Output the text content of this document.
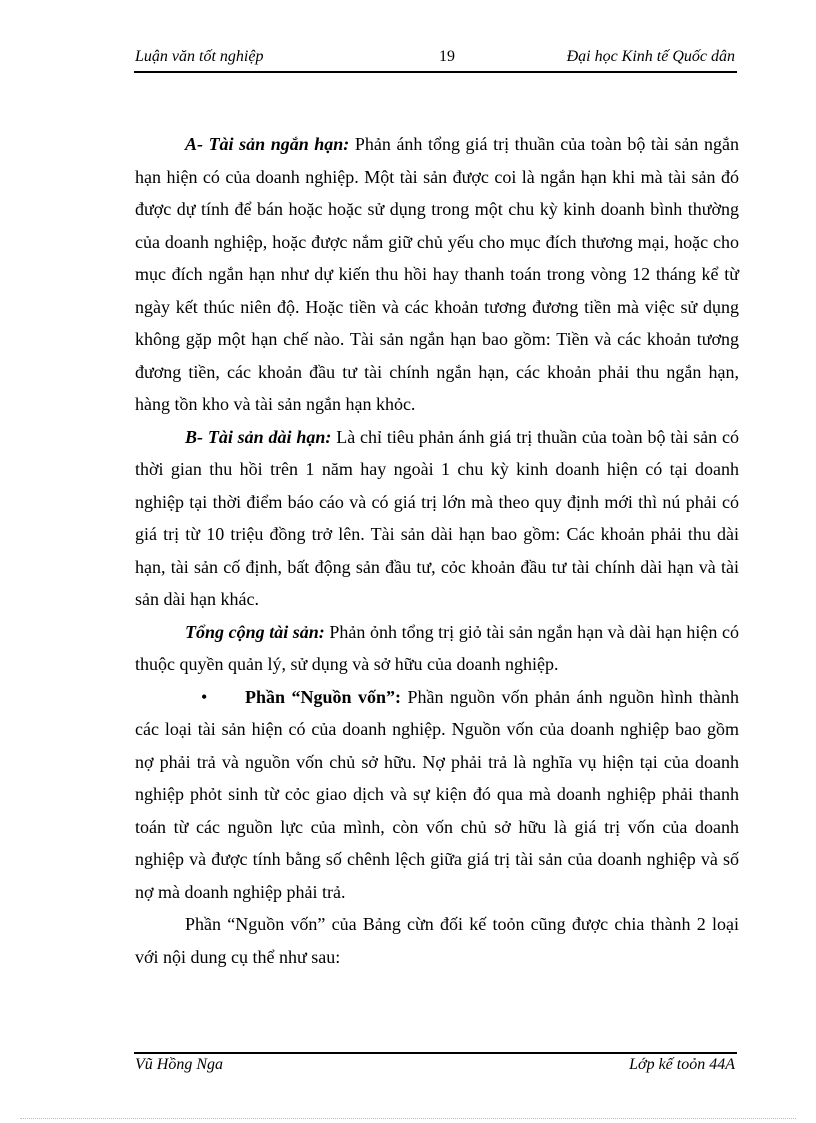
Luận văn tốt nghiệp	19	Đại học Kinh tế Quốc dân

A- Tài sản ngắn hạn: Phản ánh tổng giá trị thuần của toàn bộ tài sản ngắn hạn hiện có của doanh nghiệp. Một tài sản được coi là ngắn hạn khi mà tài sản đó được dự tính để bán hoặc hoặc sử dụng trong một chu kỳ kinh doanh bình thường của doanh nghiệp, hoặc được nắm giữ chủ yếu cho mục đích thương mại, hoặc cho mục đích ngắn hạn như dự kiến thu hồi hay thanh toán trong vòng 12 tháng kể từ ngày kết thúc niên độ. Hoặc tiền và các khoản tương đương tiền mà việc sử dụng không gặp một hạn chế nào. Tài sản ngắn hạn bao gồm: Tiền và các khoản tương đương tiền, các khoản đầu tư tài chính ngắn hạn, các khoản phải thu ngắn hạn, hàng tồn kho và tài sản ngắn hạn khỏc.

B- Tài sản dài hạn: Là chỉ tiêu phản ánh giá trị thuần của toàn bộ tài sản có thời gian thu hồi trên 1 năm hay ngoài 1 chu kỳ kinh doanh hiện có tại doanh nghiệp tại thời điểm báo cáo và có giá trị lớn mà theo quy định mới thì nú phải có giá trị từ 10 triệu đồng trở lên. Tài sản dài hạn bao gồm: Các khoản phải thu dài hạn, tài sản cố định, bất động sản đầu tư, cỏc khoản đầu tư tài chính dài hạn và tài sản dài hạn khác.

Tổng cộng tài sản: Phản ỏnh tổng trị giỏ tài sản ngắn hạn và dài hạn hiện có thuộc quyền quản lý, sử dụng và sở hữu của doanh nghiệp.

• Phần “Nguồn vốn”: Phần nguồn vốn phản ánh nguồn hình thành các loại tài sản hiện có của doanh nghiệp. Nguồn vốn của doanh nghiệp bao gồm nợ phải trả và nguồn vốn chủ sở hữu. Nợ phải trả là nghĩa vụ hiện tại của doanh nghiệp phỏt sinh từ cỏc giao dịch và sự kiện đó qua mà doanh nghiệp phải thanh toán từ các nguồn lực của mình, còn vốn chủ sở hữu là giá trị vốn của doanh nghiệp và được tính bằng số chênh lệch giữa giá trị tài sản của doanh nghiệp và số nợ mà doanh nghiệp phải trả.

Phần “Nguồn vốn” của Bảng cừn đối kế toỏn cũng được chia thành 2 loại với nội dung cụ thể như sau:

Vũ Hồng Nga	Lớp kế toỏn 44A
